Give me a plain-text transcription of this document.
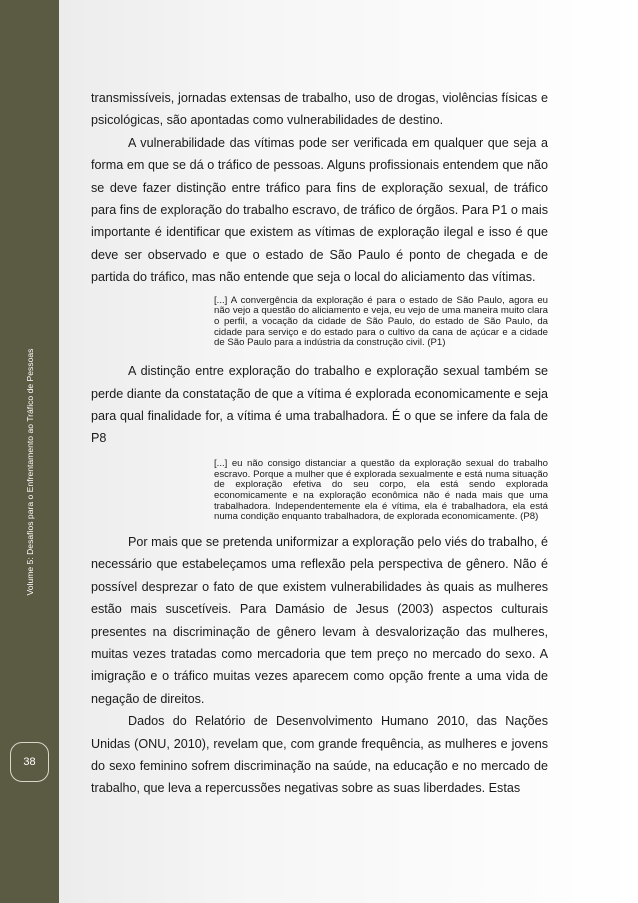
Volume 5: Desafios para o Enfrentamento ao Tráfico de Pessoas
38

transmissíveis, jornadas extensas de trabalho, uso de drogas, violências físicas e psicológicas, são apontadas como vulnerabilidades de destino.

A vulnerabilidade das vítimas pode ser verificada em qualquer que seja a forma em que se dá o tráfico de pessoas. Alguns profissionais entendem que não se deve fazer distinção entre tráfico para fins de exploração sexual, de tráfico para fins de exploração do trabalho escravo, de tráfico de órgãos. Para P1 o mais importante é identificar que existem as vítimas de exploração ilegal e isso é que deve ser observado e que o estado de São Paulo é ponto de chegada e de partida do tráfico, mas não entende que seja o local do aliciamento das vítimas.

[...] A convergência da exploração é para o estado de São Paulo, agora eu não vejo a questão do aliciamento e veja, eu vejo de uma maneira muito clara o perfil, a vocação da cidade de São Paulo, do estado de São Paulo, da cidade para serviço e do estado para o cultivo da cana de açúcar e a cidade de São Paulo para a indústria da construção civil. (P1)

A distinção entre exploração do trabalho e exploração sexual também se perde diante da constatação de que a vítima é explorada economicamente e seja para qual finalidade for, a vítima é uma trabalhadora. É o que se infere da fala de P8

[...] eu não consigo distanciar a questão da exploração sexual do trabalho escravo. Porque a mulher que é explorada sexualmente e está numa situação de exploração efetiva do seu corpo, ela está sendo explorada economicamente e na exploração econômica não é nada mais que uma trabalhadora. Independentemente ela é vítima, ela é trabalhadora, ela está numa condição enquanto trabalhadora, de explorada economicamente. (P8)

Por mais que se pretenda uniformizar a exploração pelo viés do trabalho, é necessário que estabeleçamos uma reflexão pela perspectiva de gênero. Não é possível desprezar o fato de que existem vulnerabilidades às quais as mulheres estão mais suscetíveis. Para Damásio de Jesus (2003) aspectos culturais presentes na discriminação de gênero levam à desvalorização das mulheres, muitas vezes tratadas como mercadoria que tem preço no mercado do sexo. A imigração e o tráfico muitas vezes aparecem como opção frente a uma vida de negação de direitos.

Dados do Relatório de Desenvolvimento Humano 2010, das Nações Unidas (ONU, 2010), revelam que, com grande frequência, as mulheres e jovens do sexo feminino sofrem discriminação na saúde, na educação e no mercado de trabalho, que leva a repercussões negativas sobre as suas liberdades. Estas
